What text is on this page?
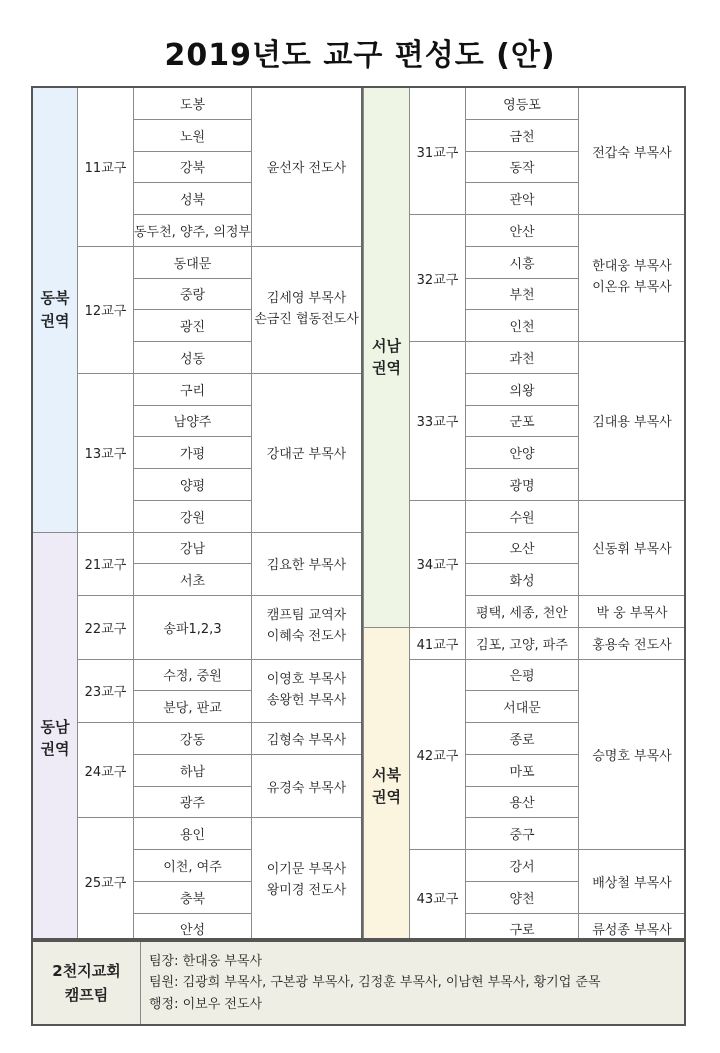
2019년도 교구 편성도 (안)
동북
권역	11교구	도봉	윤선자 전도사
		노원	
		강북	
		성북	
		동두천, 양주, 의정부	
	12교구	동대문	김세영 부목사
손금진 협동전도사
		중랑	
		광진	
		성동	
	13교구	구리	강대군 부목사
		남양주	
		가평	
		양평	
		강원	
동남
권역	21교구	강남	김요한 부목사
		서초	
	22교구	송파1,2,3	캠프팀 교역자
이혜숙 전도사

	23교구	수정, 중원	이영호 부목사
송왕헌 부목사
		분당, 판교	
	24교구	강동	김형숙 부목사
		하남	유경숙 부목사
		광주	
	25교구	용인	이기문 부목사
왕미경 전도사
		이천, 여주	
		충북	
		안성	
서남
권역	31교구	영등포	전갑숙 부목사
		금천	
		동작	
		관악	
	32교구	안산	한대웅 부목사
이온유 부목사
		시흥	
		부천	
		인천	
	33교구	과천	김대용 부목사
		의왕	
		군포	
		안양	
		광명	
	34교구	수원	신동휘 부목사
		오산	
		화성	
		평택, 세종, 천안	박 웅 부목사
서북
권역	41교구	김포, 고양, 파주	홍용숙 전도사
	42교구	은평	승명호 부목사
		서대문	
		종로	
		마포	
		용산	
		중구	
	43교구	강서	배상철 부목사
		양천	
		구로	류성종 부목사
2천지교회
캠프팀
팀장: 한대웅 부목사
팀원: 김광희 부목사, 구본광 부목사, 김정훈 부목사, 이남현 부목사, 황기업 준목
행정: 이보우 전도사
